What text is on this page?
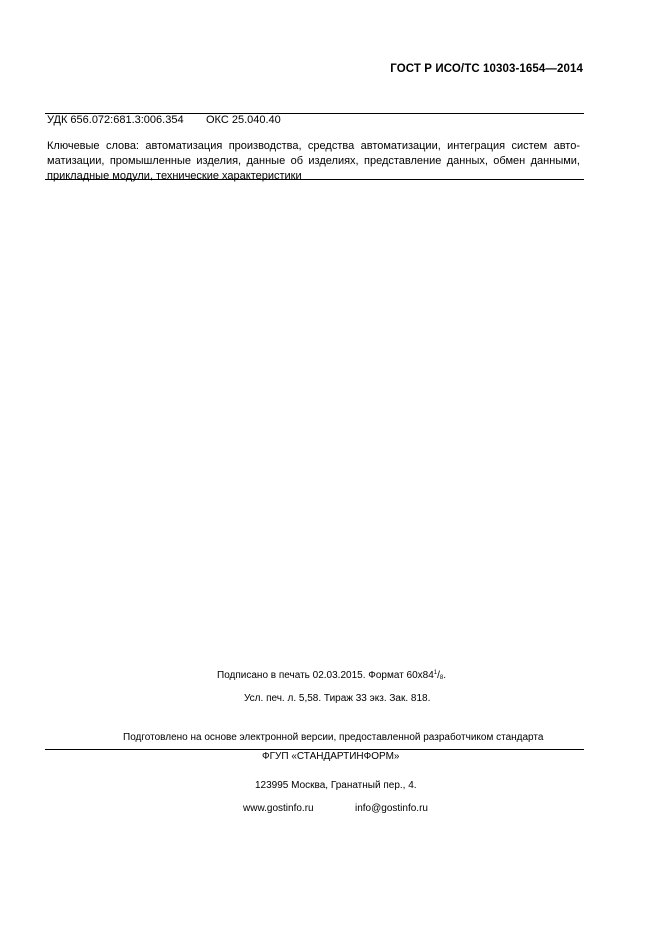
ГОСТ Р ИСО/ТС 10303-1654—2014
УДК 656.072:681.3:006.354 ОКС 25.040.40
Ключевые слова: автоматизация производства, средства автоматизации, интеграция систем авто-
матизации, промышленные изделия, данные об изделиях, представление данных, обмен данными,
прикладные модули, технические характеристики
Подписано в печать 02.03.2015. Формат $60x84^1/_8$.
Усл. печ. л. 5,58. Тираж 33 экз. Зак. 818.
Подготовлено на основе электронной версии, предоставленной разработчиком стандарта
ФГУП «СТАНДАРТИНФОРМ»
123995 Москва, Гранатный пер., 4.
www.gostinfo.ru	info@gostinfo.ru
